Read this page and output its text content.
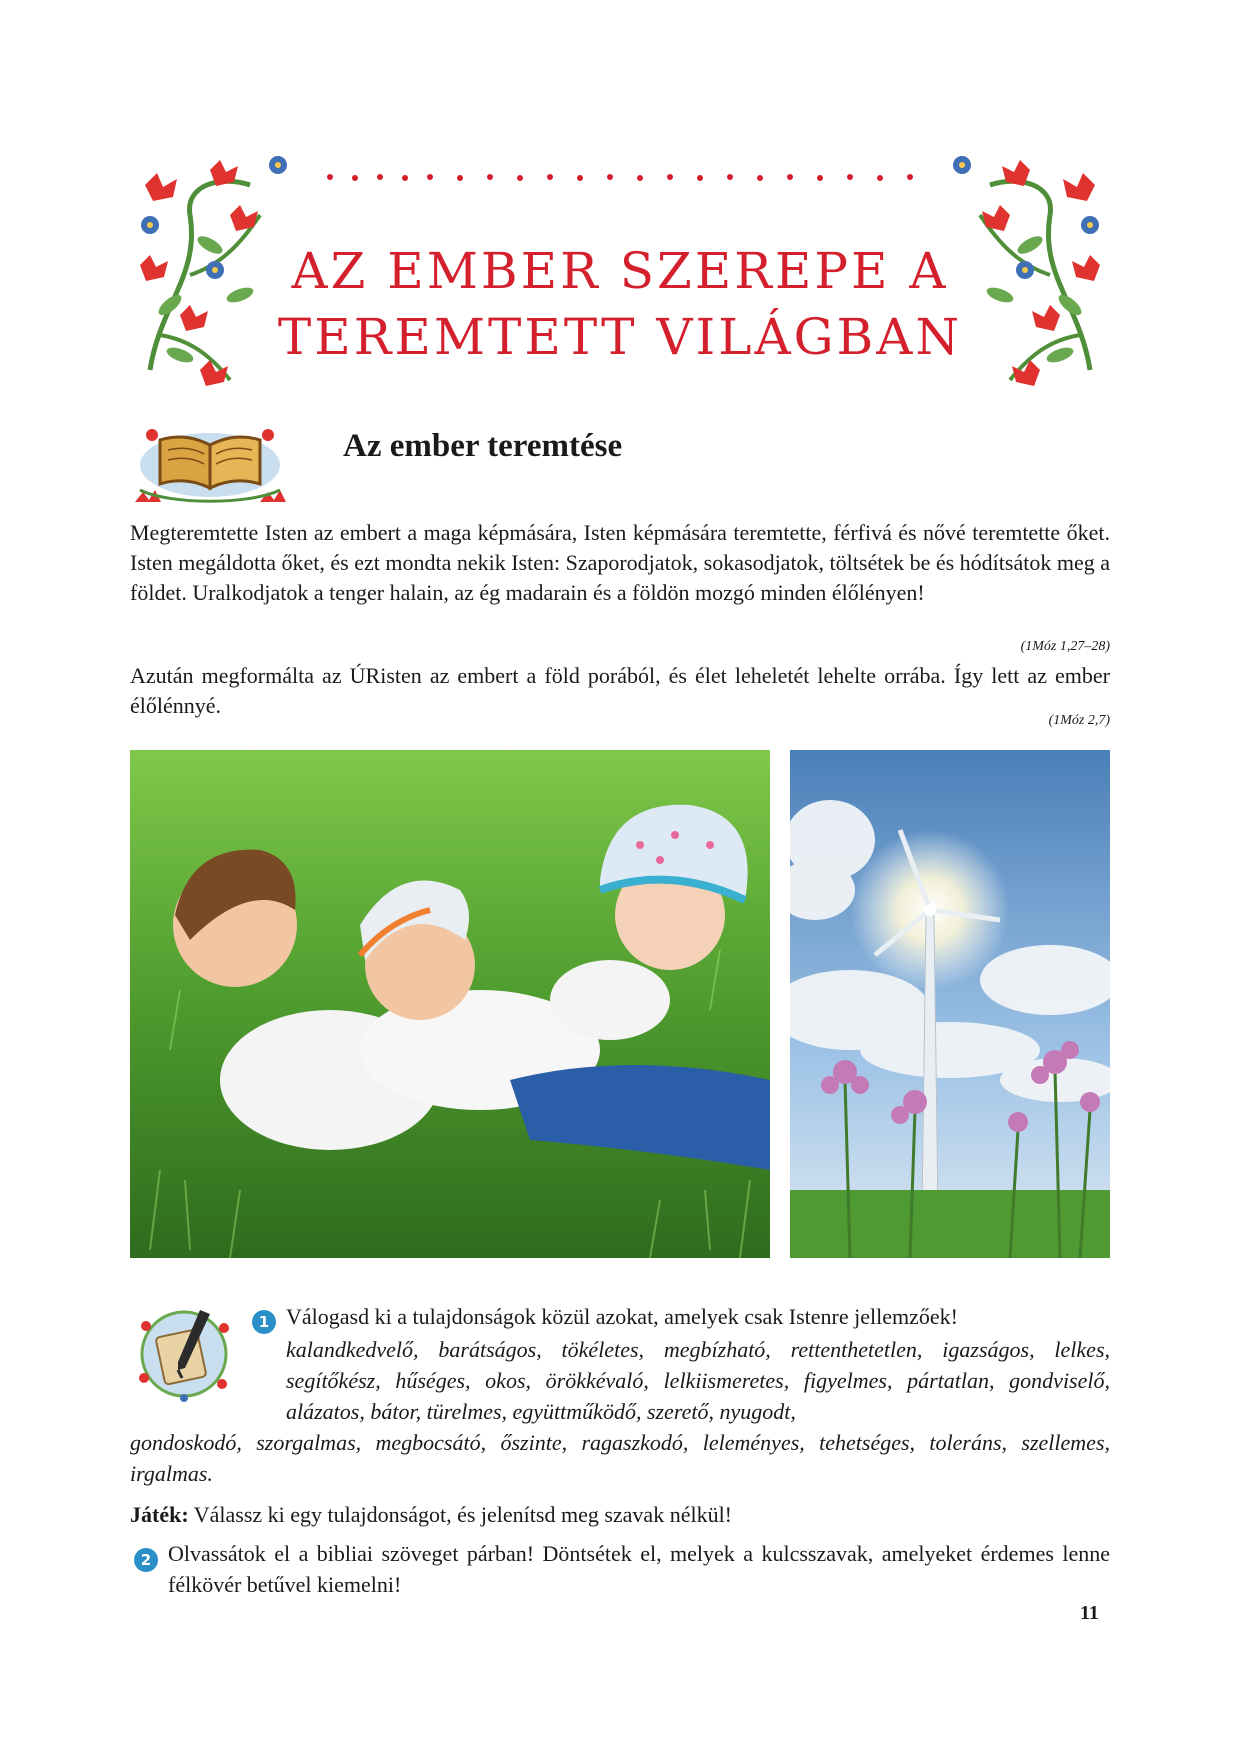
AZ EMBER SZEREPE A
TEREMTETT VILÁGBAN
Az ember teremtése
Megteremtette Isten az embert a maga képmására, Isten képmására teremtette, férfivá és nővé teremtette őket. Isten megáldotta őket, és ezt mondta nekik Isten: Szaporodjatok, sokasodjatok, töltsétek be és hódítsátok meg a földet. Uralkodjatok a tenger halain, az ég madarain és a földön mozgó minden élőlényen!
(1Móz 1,27–28)
Azután megformálta az ÚRisten az embert a föld porából, és élet leheletét lehelte orrába. Így lett az ember élőlénnyé.
(1Móz 2,7)
1 Válogasd ki a tulajdonságok közül azokat, amelyek csak Istenre jellemzőek!
kalandkedvelő, barátságos, tökéletes, megbízható, rettenthetetlen, igazságos, lelkes, segítőkész, hűséges, okos, örökkévaló, lelkiismeretes, figyelmes, pártatlan, gondviselő, alázatos, bátor, türelmes, együttműködő, szerető, nyugodt,
gondoskodó, szorgalmas, megbocsátó, őszinte, ragaszkodó, leleményes, tehetséges, toleráns, szellemes, irgalmas.
Játék: Válassz ki egy tulajdonságot, és jelenítsd meg szavak nélkül!
2 Olvassátok el a bibliai szöveget párban! Döntsétek el, melyek a kulcsszavak, amelyeket érdemes lenne félkövér betűvel kiemelni!
11
